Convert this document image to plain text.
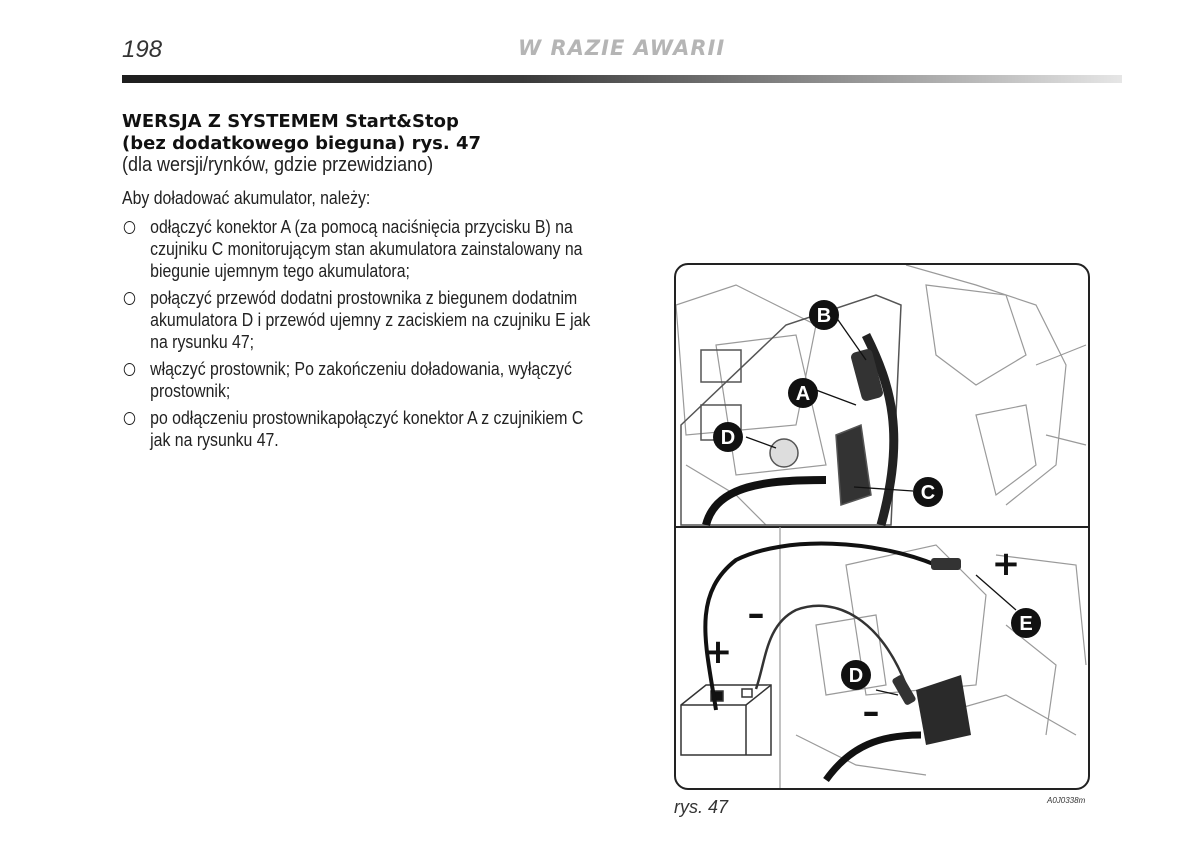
198	W RAZIE AWARII
WERSJA Z SYSTEMEM Start&Stop
(bez dodatkowego bieguna) rys. 47
(dla wersji/rynków, gdzie przewidziano)
Aby doładować akumulator, należy:
odłączyć konektor A (za pomocą naciśnięcia przycisku B) na czujniku C monitorującym stan akumulatora zainstalowany na biegunie ujemnym tego akumulatora;
połączyć przewód dodatni prostownika z biegunem dodatnim akumulatora D i przewód ujemny z zaciskiem na czujniku E jak na rysunku 47;
włączyć prostownik; Po zakończeniu doładowania, wyłączyć prostownik;
po odłączeniu prostownikapołączyć konektor A z czujnikiem C jak na rysunku 47.
B
A
D
C
E
D
+
+
–
–
rys. 47	A0J0338m
